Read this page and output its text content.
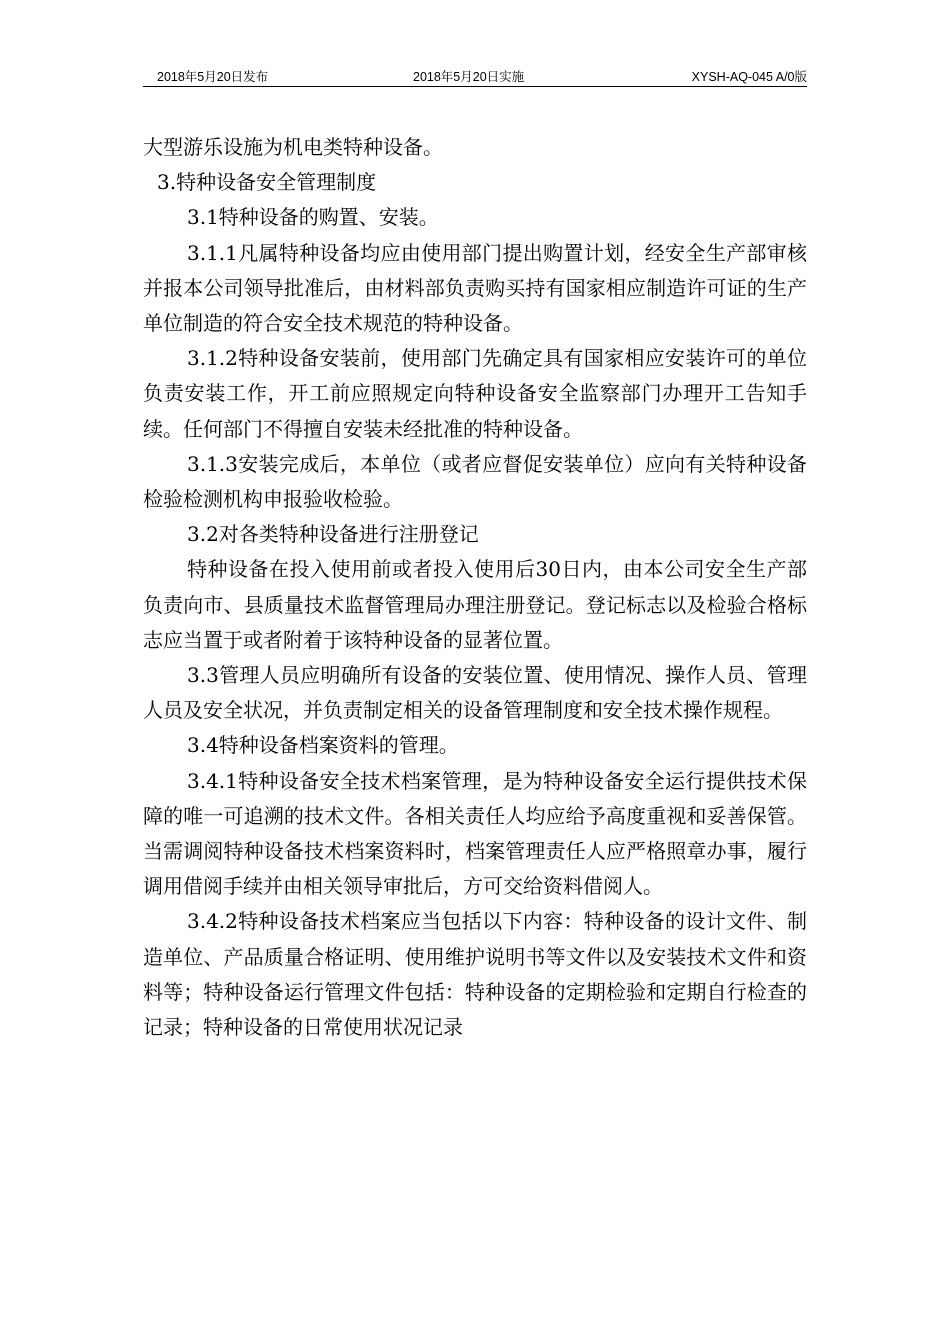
2018年5月20日发布	2018年5月20日实施	XYSH-AQ-045 A/0版

大型游乐设施为机电类特种设备。

3.特种设备安全管理制度

3.1特种设备的购置、安装。

3.1.1凡属特种设备均应由使用部门提出购置计划，经安全生产部审核并报本公司领导批准后，由材料部负责购买持有国家相应制造许可证的生产单位制造的符合安全技术规范的特种设备。

3.1.2特种设备安装前，使用部门先确定具有国家相应安装许可的单位负责安装工作，开工前应照规定向特种设备安全监察部门办理开工告知手续。任何部门不得擅自安装未经批准的特种设备。

3.1.3安装完成后，本单位（或者应督促安装单位）应向有关特种设备检验检测机构申报验收检验。

3.2对各类特种设备进行注册登记

特种设备在投入使用前或者投入使用后30日内，由本公司安全生产部负责向市、县质量技术监督管理局办理注册登记。登记标志以及检验合格标志应当置于或者附着于该特种设备的显著位置。

3.3管理人员应明确所有设备的安装位置、使用情况、操作人员、管理人员及安全状况，并负责制定相关的设备管理制度和安全技术操作规程。

3.4特种设备档案资料的管理。

3.4.1特种设备安全技术档案管理，是为特种设备安全运行提供技术保障的唯一可追溯的技术文件。各相关责任人均应给予高度重视和妥善保管。当需调阅特种设备技术档案资料时，档案管理责任人应严格照章办事，履行调用借阅手续并由相关领导审批后，方可交给资料借阅人。

3.4.2特种设备技术档案应当包括以下内容：特种设备的设计文件、制造单位、产品质量合格证明、使用维护说明书等文件以及安装技术文件和资料等；特种设备运行管理文件包括：特种设备的定期检验和定期自行检查的记录；特种设备的日常使用状况记录
